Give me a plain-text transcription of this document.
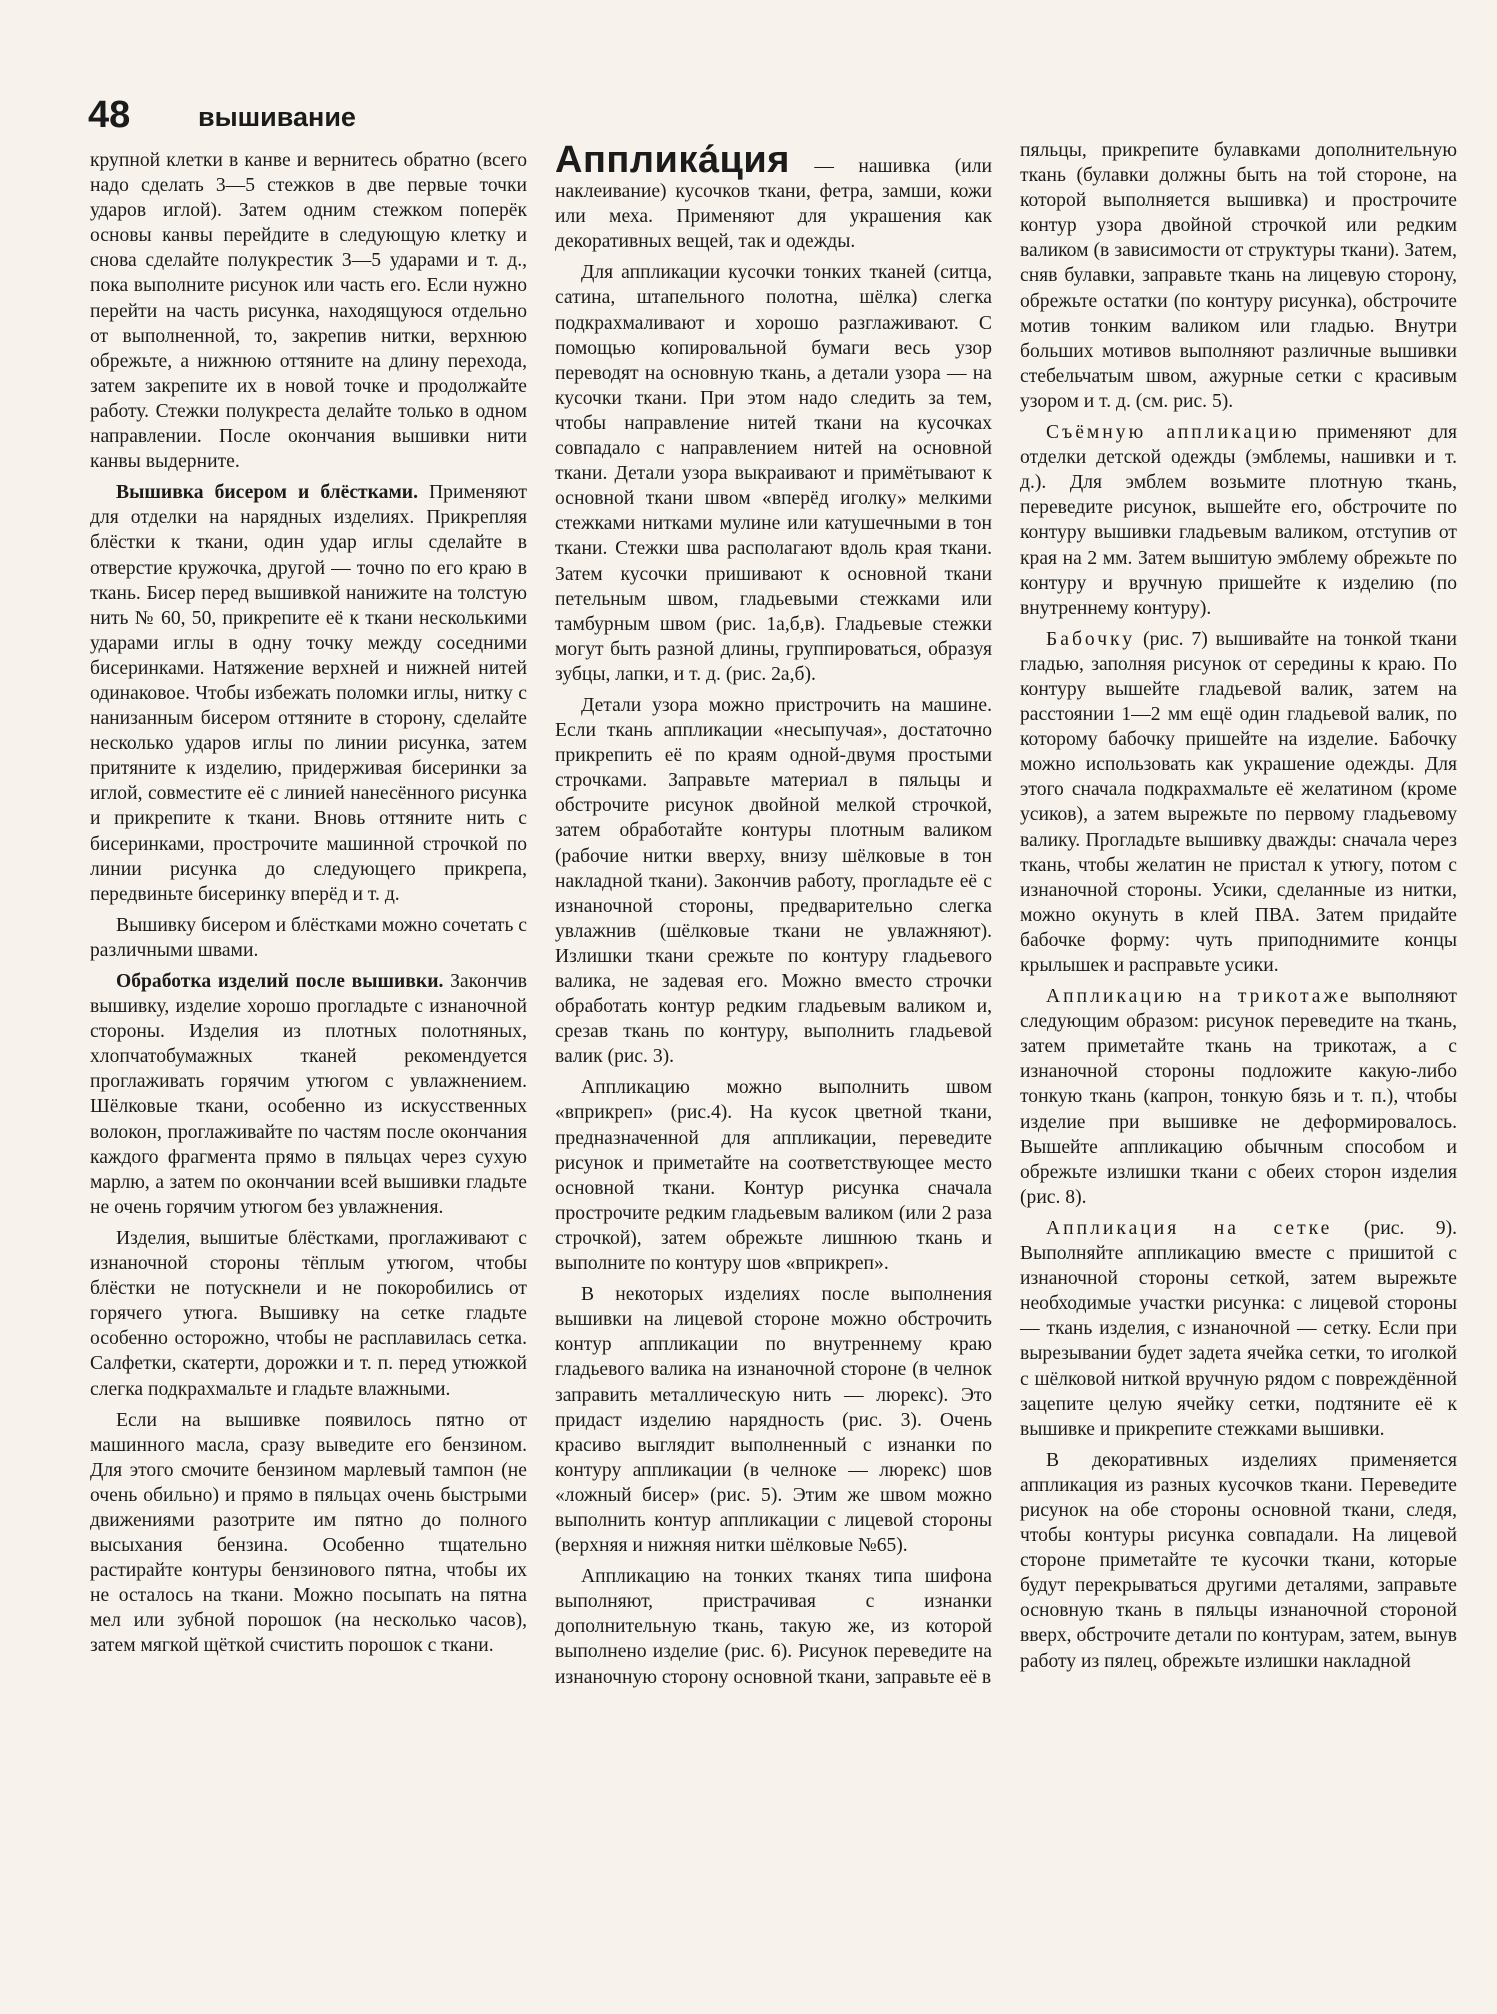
48	вышивание

крупной клетки в канве и вернитесь обратно (всего надо сделать 3—5 стежков в две первые точки ударов иглой). Затем одним стежком поперёк основы канвы перейдите в следующую клетку и снова сделайте полукрестик 3—5 ударами и т. д., пока выполните рисунок или часть его. Если нужно перейти на часть рисунка, находящуюся отдельно от выполненной, то, закрепив нитки, верхнюю обрежьте, а нижнюю оттяните на длину перехода, затем закрепите их в новой точке и продолжайте работу. Стежки полукреста делайте только в одном направлении. После окончания вышивки нити канвы выдерните.

Вышивка бисером и блёстками. Применяют для отделки на нарядных изделиях. Прикрепляя блёстки к ткани, один удар иглы сделайте в отверстие кружочка, другой — точно по его краю в ткань. Бисер перед вышивкой нанижите на толстую нить № 60, 50, прикрепите её к ткани несколькими ударами иглы в одну точку между соседними бисеринками. Натяжение верхней и нижней нитей одинаковое. Чтобы избежать поломки иглы, нитку с нанизанным бисером оттяните в сторону, сделайте несколько ударов иглы по линии рисунка, затем притяните к изделию, придерживая бисеринки за иглой, совместите её с линией нанесённого рисунка и прикрепите к ткани. Вновь оттяните нить с бисеринками, прострочите машинной строчкой по линии рисунка до следующего прикрепа, передвиньте бисеринку вперёд и т. д.

Вышивку бисером и блёстками можно сочетать с различными швами.

Обработка изделий после вышивки. Закончив вышивку, изделие хорошо прогладьте с изнаночной стороны. Изделия из плотных полотняных, хлопчатобумажных тканей рекомендуется проглаживать горячим утюгом с увлажнением. Шёлковые ткани, особенно из искусственных волокон, проглаживайте по частям после окончания каждого фрагмента прямо в пяльцах через сухую марлю, а затем по окончании всей вышивки гладьте не очень горячим утюгом без увлажнения.

Изделия, вышитые блёстками, проглаживают с изнаночной стороны тёплым утюгом, чтобы блёстки не потускнели и не покоробились от горячего утюга. Вышивку на сетке гладьте особенно осторожно, чтобы не расплавилась сетка. Салфетки, скатерти, дорожки и т. п. перед утюжкой слегка подкрахмальте и гладьте влажными.

Если на вышивке появилось пятно от машинного масла, сразу выведите его бензином. Для этого смочите бензином марлевый тампон (не очень обильно) и прямо в пяльцах очень быстрыми движениями разотрите им пятно до полного высыхания бензина. Особенно тщательно растирайте контуры бензинового пятна, чтобы их не осталось на ткани. Можно посыпать на пятна мел или зубной порошок (на несколько часов), затем мягкой щёткой счистить порошок с ткани.

Апплика́ция — нашивка (или наклеивание) кусочков ткани, фетра, замши, кожи или меха. Применяют для украшения как декоративных вещей, так и одежды.

Для аппликации кусочки тонких тканей (ситца, сатина, штапельного полотна, шёлка) слегка подкрахмаливают и хорошо разглаживают. С помощью копировальной бумаги весь узор переводят на основную ткань, а детали узора — на кусочки ткани. При этом надо следить за тем, чтобы направление нитей ткани на кусочках совпадало с направлением нитей на основной ткани. Детали узора выкраивают и примётывают к основной ткани швом «вперёд иголку» мелкими стежками нитками мулине или катушечными в тон ткани. Стежки шва располагают вдоль края ткани. Затем кусочки пришивают к основной ткани петельным швом, гладьевыми стежками или тамбурным швом (рис. 1а,б,в). Гладьевые стежки могут быть разной длины, группироваться, образуя зубцы, лапки, и т. д. (рис. 2а,б).

Детали узора можно пристрочить на машине. Если ткань аппликации «несыпучая», достаточно прикрепить её по краям одной-двумя простыми строчками. Заправьте материал в пяльцы и обстрочите рисунок двойной мелкой строчкой, затем обработайте контуры плотным валиком (рабочие нитки вверху, внизу шёлковые в тон накладной ткани). Закончив работу, прогладьте её с изнаночной стороны, предварительно слегка увлажнив (шёлковые ткани не увлажняют). Излишки ткани срежьте по контуру гладьевого валика, не задевая его. Можно вместо строчки обработать контур редким гладьевым валиком и, срезав ткань по контуру, выполнить гладьевой валик (рис. 3).

Аппликацию можно выполнить швом «вприкреп» (рис.4). На кусок цветной ткани, предназначенной для аппликации, переведите рисунок и приметайте на соответствующее место основной ткани. Контур рисунка сначала прострочите редким гладьевым валиком (или 2 раза строчкой), затем обрежьте лишнюю ткань и выполните по контуру шов «вприкреп».

В некоторых изделиях после выполнения вышивки на лицевой стороне можно обстрочить контур аппликации по внутреннему краю гладьевого валика на изнаночной стороне (в челнок заправить металлическую нить — люрекс). Это придаст изделию нарядность (рис. 3). Очень красиво выглядит выполненный с изнанки по контуру аппликации (в челноке — люрекс) шов «ложный бисер» (рис. 5). Этим же швом можно выполнить контур аппликации с лицевой стороны (верхняя и нижняя нитки шёлковые №65).

Аппликацию на тонких тканях типа шифона выполняют, пристрачивая с изнанки дополнительную ткань, такую же, из которой выполнено изделие (рис. 6). Рисунок переведите на изнаночную сторону основной ткани, заправьте её в

пяльцы, прикрепите булавками дополнительную ткань (булавки должны быть на той стороне, на которой выполняется вышивка) и прострочите контур узора двойной строчкой или редким валиком (в зависимости от структуры ткани). Затем, сняв булавки, заправьте ткань на лицевую сторону, обрежьте остатки (по контуру рисунка), обстрочите мотив тонким валиком или гладью. Внутри больших мотивов выполняют различные вышивки стебельчатым швом, ажурные сетки с красивым узором и т. д. (см. рис. 5).

Съёмную аппликацию применяют для отделки детской одежды (эмблемы, нашивки и т. д.). Для эмблем возьмите плотную ткань, переведите рисунок, вышейте его, обстрочите по контуру вышивки гладьевым валиком, отступив от края на 2 мм. Затем вышитую эмблему обрежьте по контуру и вручную пришейте к изделию (по внутреннему контуру).

Бабочку (рис. 7) вышивайте на тонкой ткани гладью, заполняя рисунок от середины к краю. По контуру вышейте гладьевой валик, затем на расстоянии 1—2 мм ещё один гладьевой валик, по которому бабочку пришейте на изделие. Бабочку можно использовать как украшение одежды. Для этого сначала подкрахмальте её желатином (кроме усиков), а затем вырежьте по первому гладьевому валику. Прогладьте вышивку дважды: сначала через ткань, чтобы желатин не пристал к утюгу, потом с изнаночной стороны. Усики, сделанные из нитки, можно окунуть в клей ПВА. Затем придайте бабочке форму: чуть приподнимите концы крылышек и расправьте усики.

Аппликацию на трикотаже выполняют следующим образом: рисунок переведите на ткань, затем приметайте ткань на трикотаж, а с изнаночной стороны подложите какую-либо тонкую ткань (капрон, тонкую бязь и т. п.), чтобы изделие при вышивке не деформировалось. Вышейте аппликацию обычным способом и обрежьте излишки ткани с обеих сторон изделия (рис. 8).

Аппликация на сетке (рис. 9). Выполняйте аппликацию вместе с пришитой с изнаночной стороны сеткой, затем вырежьте необходимые участки рисунка: с лицевой стороны — ткань изделия, с изнаночной — сетку. Если при вырезывании будет задета ячейка сетки, то иголкой с шёлковой ниткой вручную рядом с повреждённой зацепите целую ячейку сетки, подтяните её к вышивке и прикрепите стежками вышивки.

В декоративных изделиях применяется аппликация из разных кусочков ткани. Переведите рисунок на обе стороны основной ткани, следя, чтобы контуры рисунка совпадали. На лицевой стороне приметайте те кусочки ткани, которые будут перекрываться другими деталями, заправьте основную ткань в пяльцы изнаночной стороной вверх, обстрочите детали по контурам, затем, вынув работу из пялец, обрежьте излишки накладной
